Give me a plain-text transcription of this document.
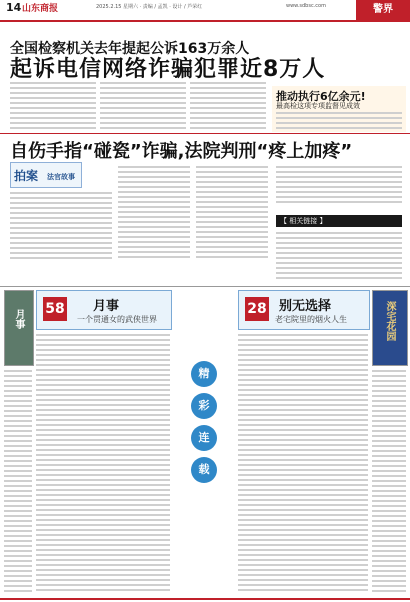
14 山东商报	2025.2.15 星期六 · 责编 / 孟凯 · 设计 / 芦荣红	www.sdbsc.com	警界
全国检察机关去年提起公诉163万余人
起诉电信网络诈骗犯罪近8万人
推动执行6亿余元!
最高检这项专项监督见成效
自伤手指“碰瓷”诈骗,法院判刑“疼上加疼”
拍案 法官故事
【 相关链接 】
58 月事
一个贯通女的武侠世界
月事
精
彩
连
载
28 别无选择
老宅院里的烟火人生	深宅花园
